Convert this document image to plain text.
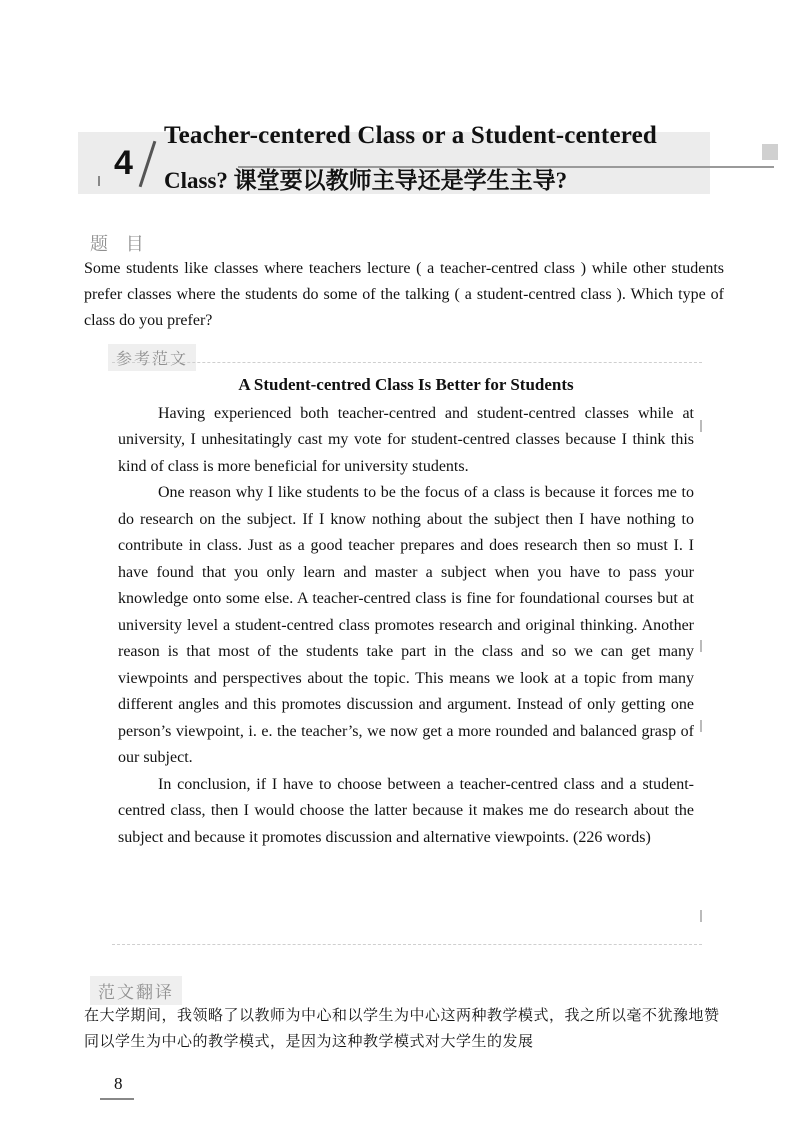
4
Teacher-centered Class or a Student-centered
Class? 课堂要以教师主导还是学生主导?
题 目
Some students like classes where teachers lecture ( a teacher-centred class ) while other students prefer classes where the students do some of the talking ( a student-centred class ). Which type of class do you prefer?
参考范文

A Student-centred Class Is Better for Students

Having experienced both teacher-centred and student-centred classes while at university, I unhesitatingly cast my vote for student-centred classes because I think this kind of class is more beneficial for university students.

One reason why I like students to be the focus of a class is because it forces me to do research on the subject. If I know nothing about the subject then I have nothing to contribute in class. Just as a good teacher prepares and does research then so must I. I have found that you only learn and master a subject when you have to pass your knowledge onto some else. A teacher-centred class is fine for foundational courses but at university level a student-centred class promotes research and original thinking. Another reason is that most of the students take part in the class and so we can get many viewpoints and perspectives about the topic. This means we look at a topic from many different angles and this promotes discussion and argument. Instead of only getting one person’s viewpoint, i. e. the teacher’s, we now get a more rounded and balanced grasp of our subject.

In conclusion, if I have to choose between a teacher-centred class and a student-centred class, then I would choose the latter because it makes me do research about the subject and because it promotes discussion and alternative viewpoints. (226 words)

范文翻译
在大学期间，我领略了以教师为中心和以学生为中心这两种教学模式，我之所以毫不犹豫地赞同以学生为中心的教学模式，是因为这种教学模式对大学生的发展
8
